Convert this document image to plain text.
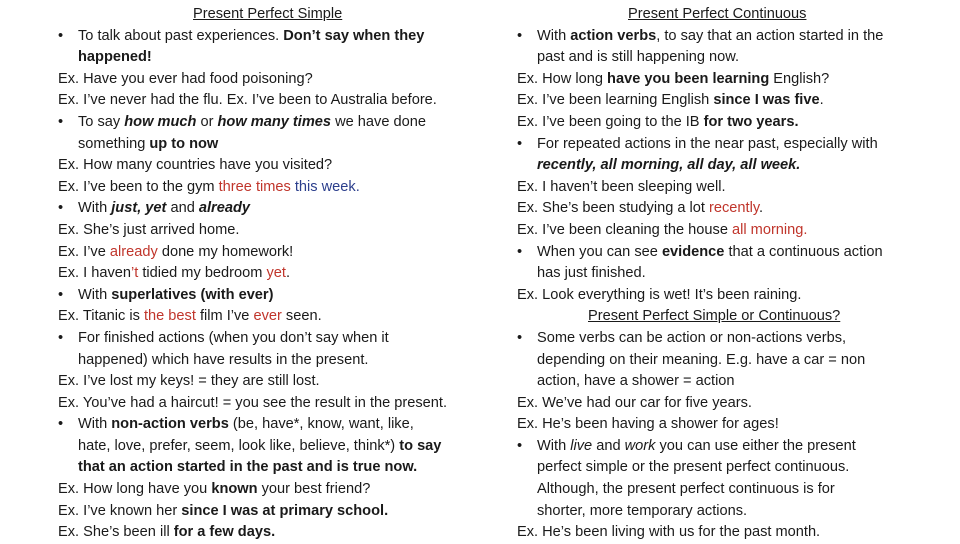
Present Perfect Simple
• To talk about past experiences. Don’t say when they
happened!
Ex. Have you ever had food poisoning?
Ex. I’ve never had the flu. Ex. I’ve been to Australia before.
• To say how much or how many times we have done
something up to now
Ex. How many countries have you visited?
Ex. I’ve been to the gym three times this week.
• With just, yet and already
Ex. She’s just arrived home.
Ex. I’ve already done my homework!
Ex. I haven’t tidied my bedroom yet.
• With superlatives (with ever)
Ex. Titanic is the best film I’ve ever seen.
• For finished actions (when you don’t say when it
happened) which have results in the present.
Ex. I’ve lost my keys! = they are still lost.
Ex. You’ve had a haircut! = you see the result in the present.
• With non-action verbs (be, have*, know, want, like,
hate, love, prefer, seem, look like, believe, think*) to say
that an action started in the past and is true now.
Ex. How long have you known your best friend?
Ex. I’ve known her since I was at primary school.
Ex. She’s been ill for a few days.
Present Perfect Continuous
• With action verbs, to say that an action started in the
past and is still happening now.
Ex. How long have you been learning English?
Ex. I’ve been learning English since I was five.
Ex. I’ve been going to the IB for two years.
• For repeated actions in the near past, especially with
recently, all morning, all day, all week.
Ex. I haven’t been sleeping well.
Ex. She’s been studying a lot recently.
Ex. I’ve been cleaning the house all morning.
• When you can see evidence that a continuous action
has just finished.
Ex. Look everything is wet! It’s been raining.
Present Perfect Simple or Continuous?
• Some verbs can be action or non-actions verbs,
depending on their meaning. E.g. have a car = non
action, have a shower = action
Ex. We’ve had our car for five years.
Ex. He’s been having a shower for ages!
• With live and work you can use either the present
perfect simple or the present perfect continuous.
Although, the present perfect continuous is for
shorter, more temporary actions.
Ex. He’s been living with us for the past month.
